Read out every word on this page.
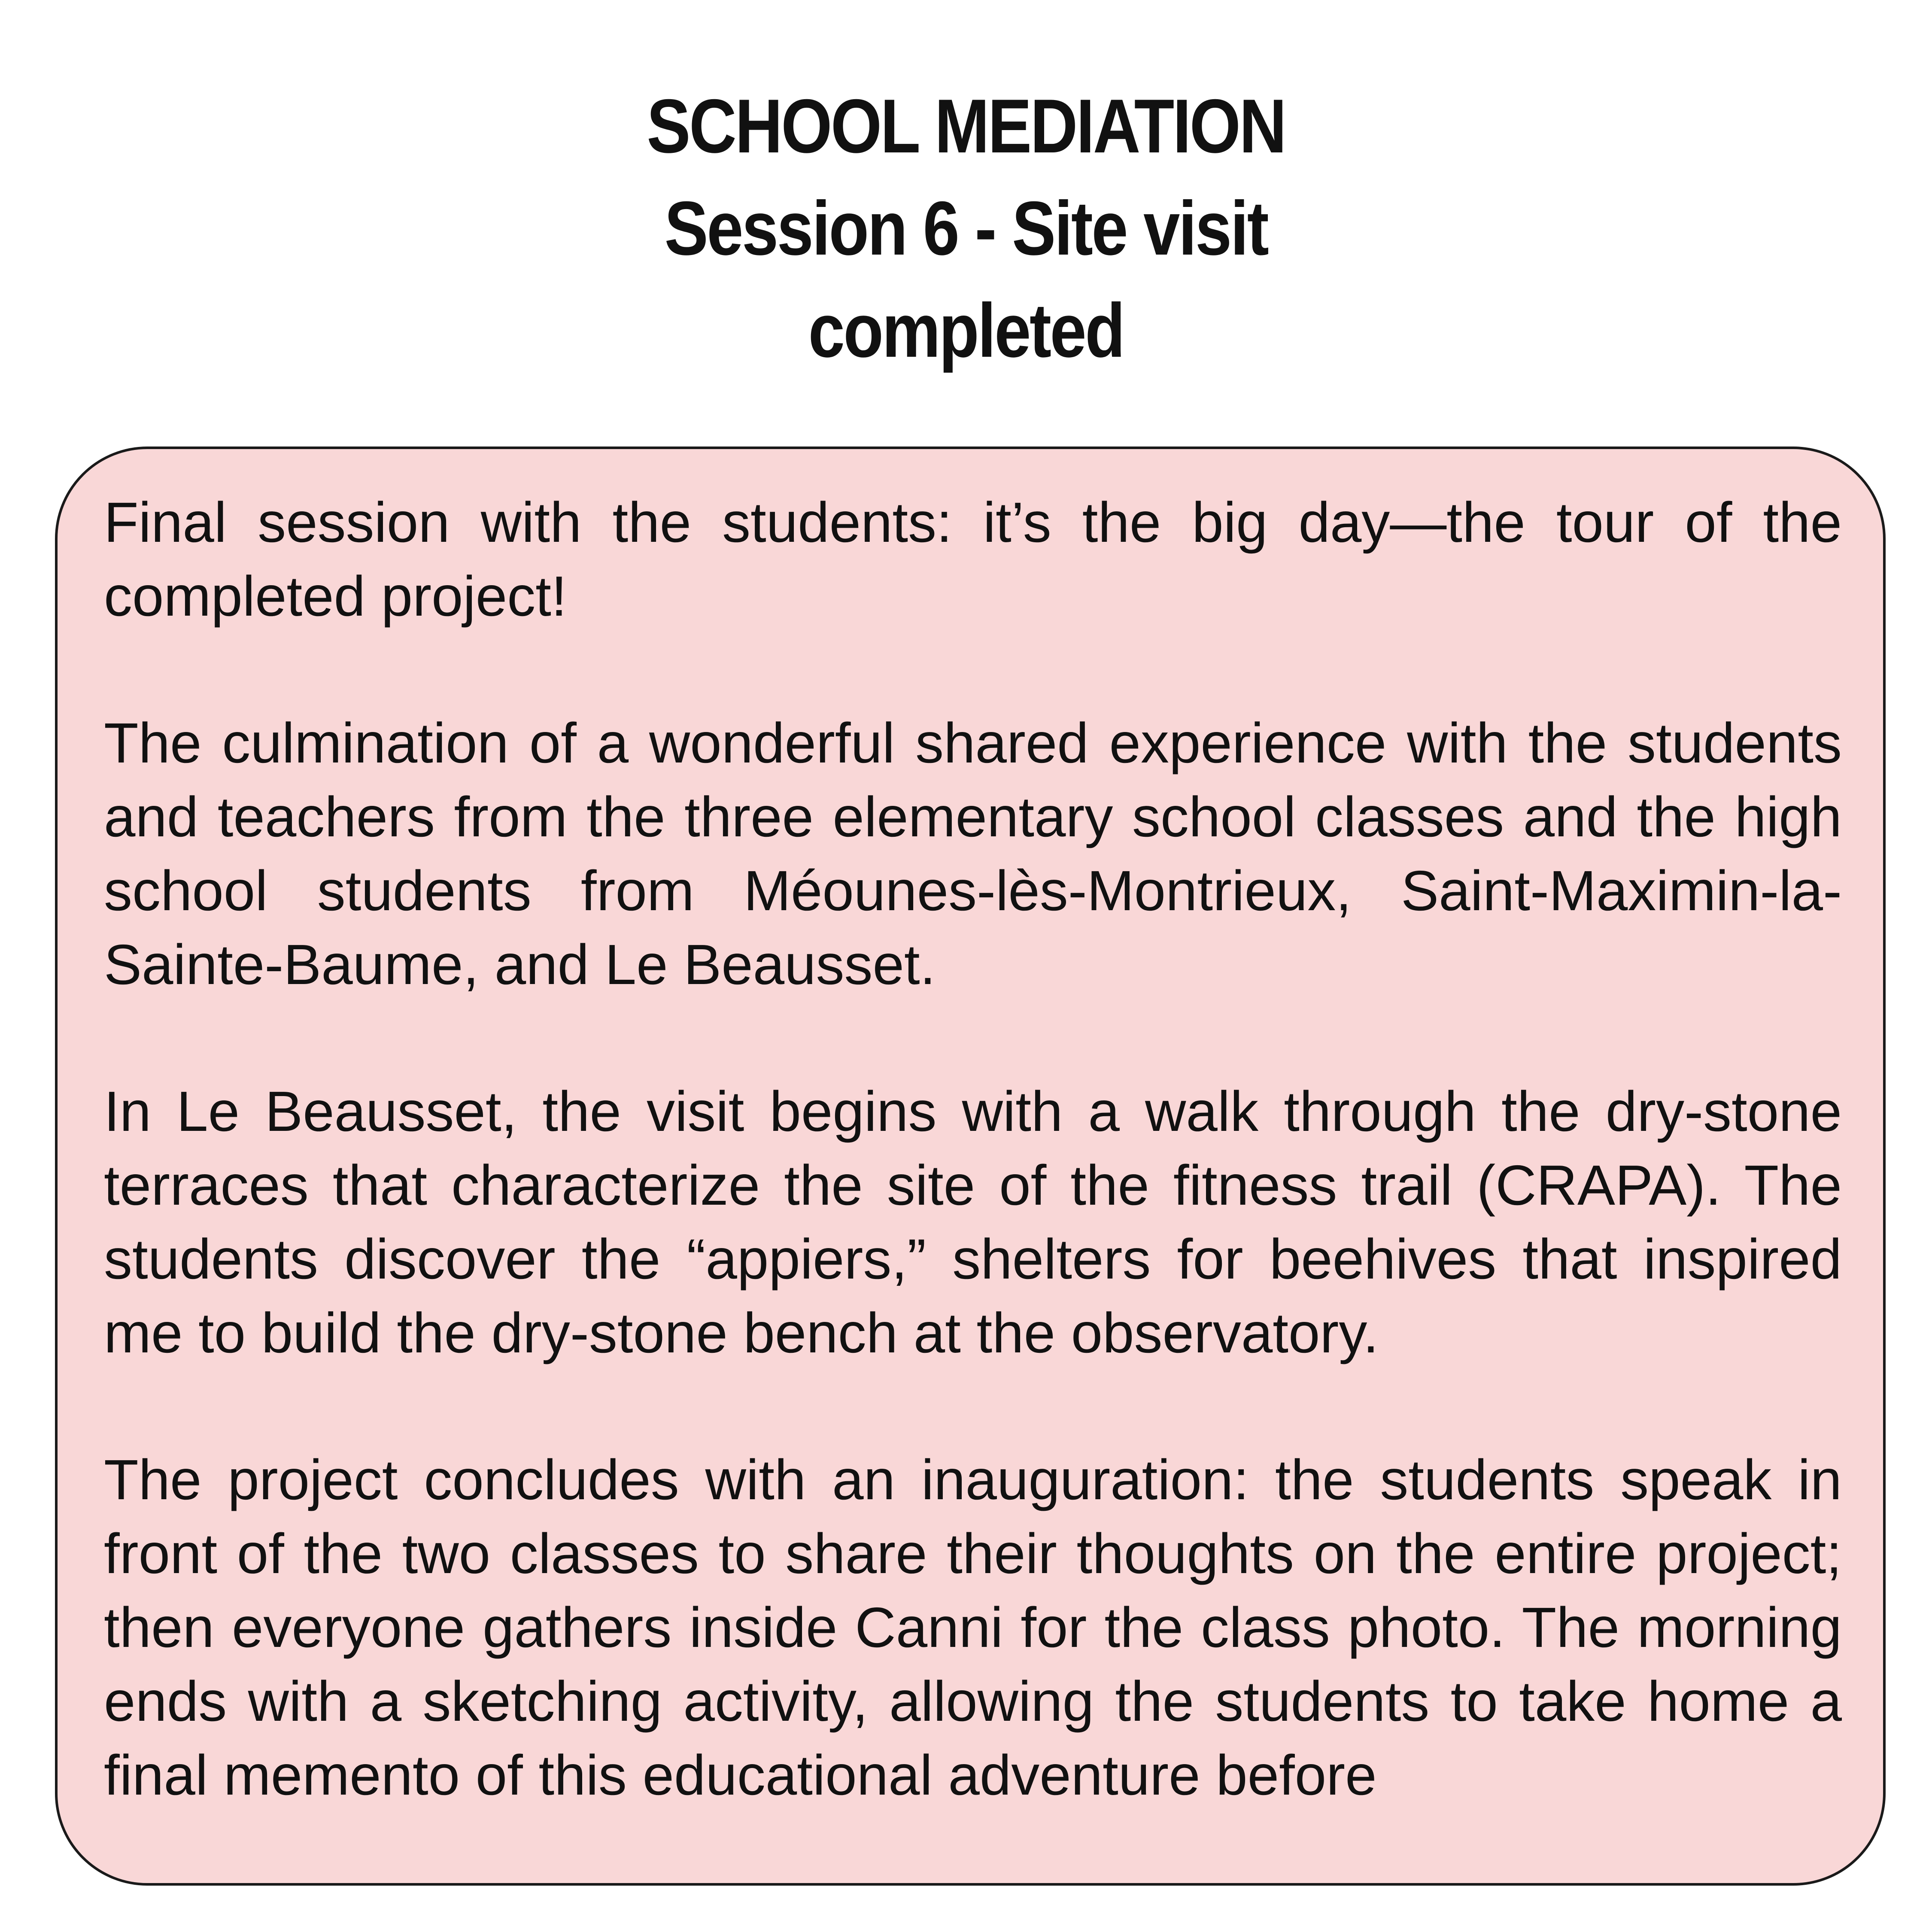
SCHOOL MEDIATION
Session 6 - Site visit
completed

Final session with the students: it’s the big day—the tour of the completed project!

The culmination of a wonderful shared experience with the students and teachers from the three elementary school classes and the high school students from Méounes-lès-Montrieux, Saint-Maximin-la-Sainte-Baume, and Le Beausset.

In Le Beausset, the visit begins with a walk through the dry-stone terraces that characterize the site of the fitness trail (CRAPA). The students discover the “appiers,” shelters for beehives that inspired me to build the dry-stone bench at the observatory.

The project concludes with an inauguration: the students speak in front of the two classes to share their thoughts on the entire project; then everyone gathers inside Canni for the class photo. The morning ends with a sketching activity, allowing the students to take home a final memento of this educational adventure before
